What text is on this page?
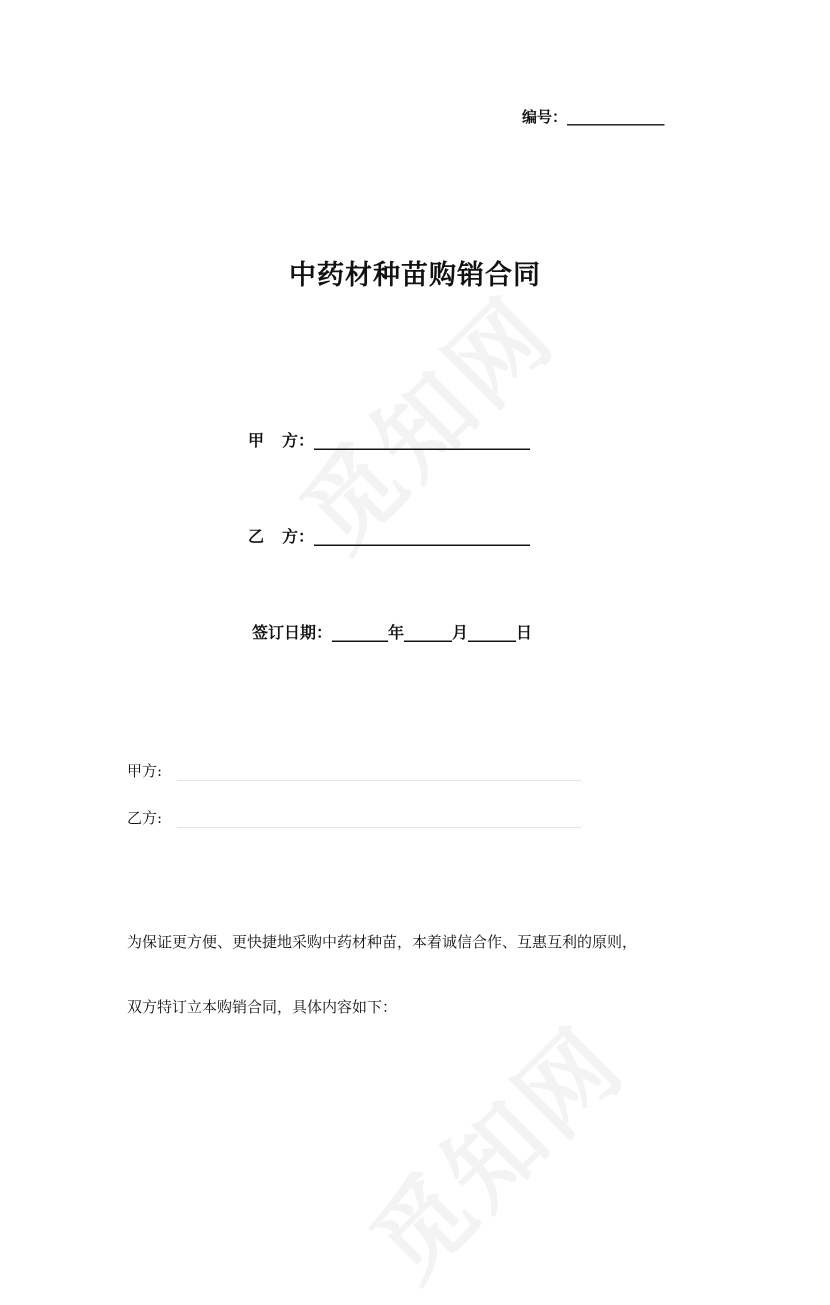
编号：_____________
中药材种苗购销合同
甲 方：___________________________
乙 方：___________________________
签订日期：_______年______月______日
甲方:
乙方:
为保证更方便、更快捷地采购中药材种苗，本着诚信合作、互惠互利的原则，
双方特订立本购销合同，具体内容如下：
